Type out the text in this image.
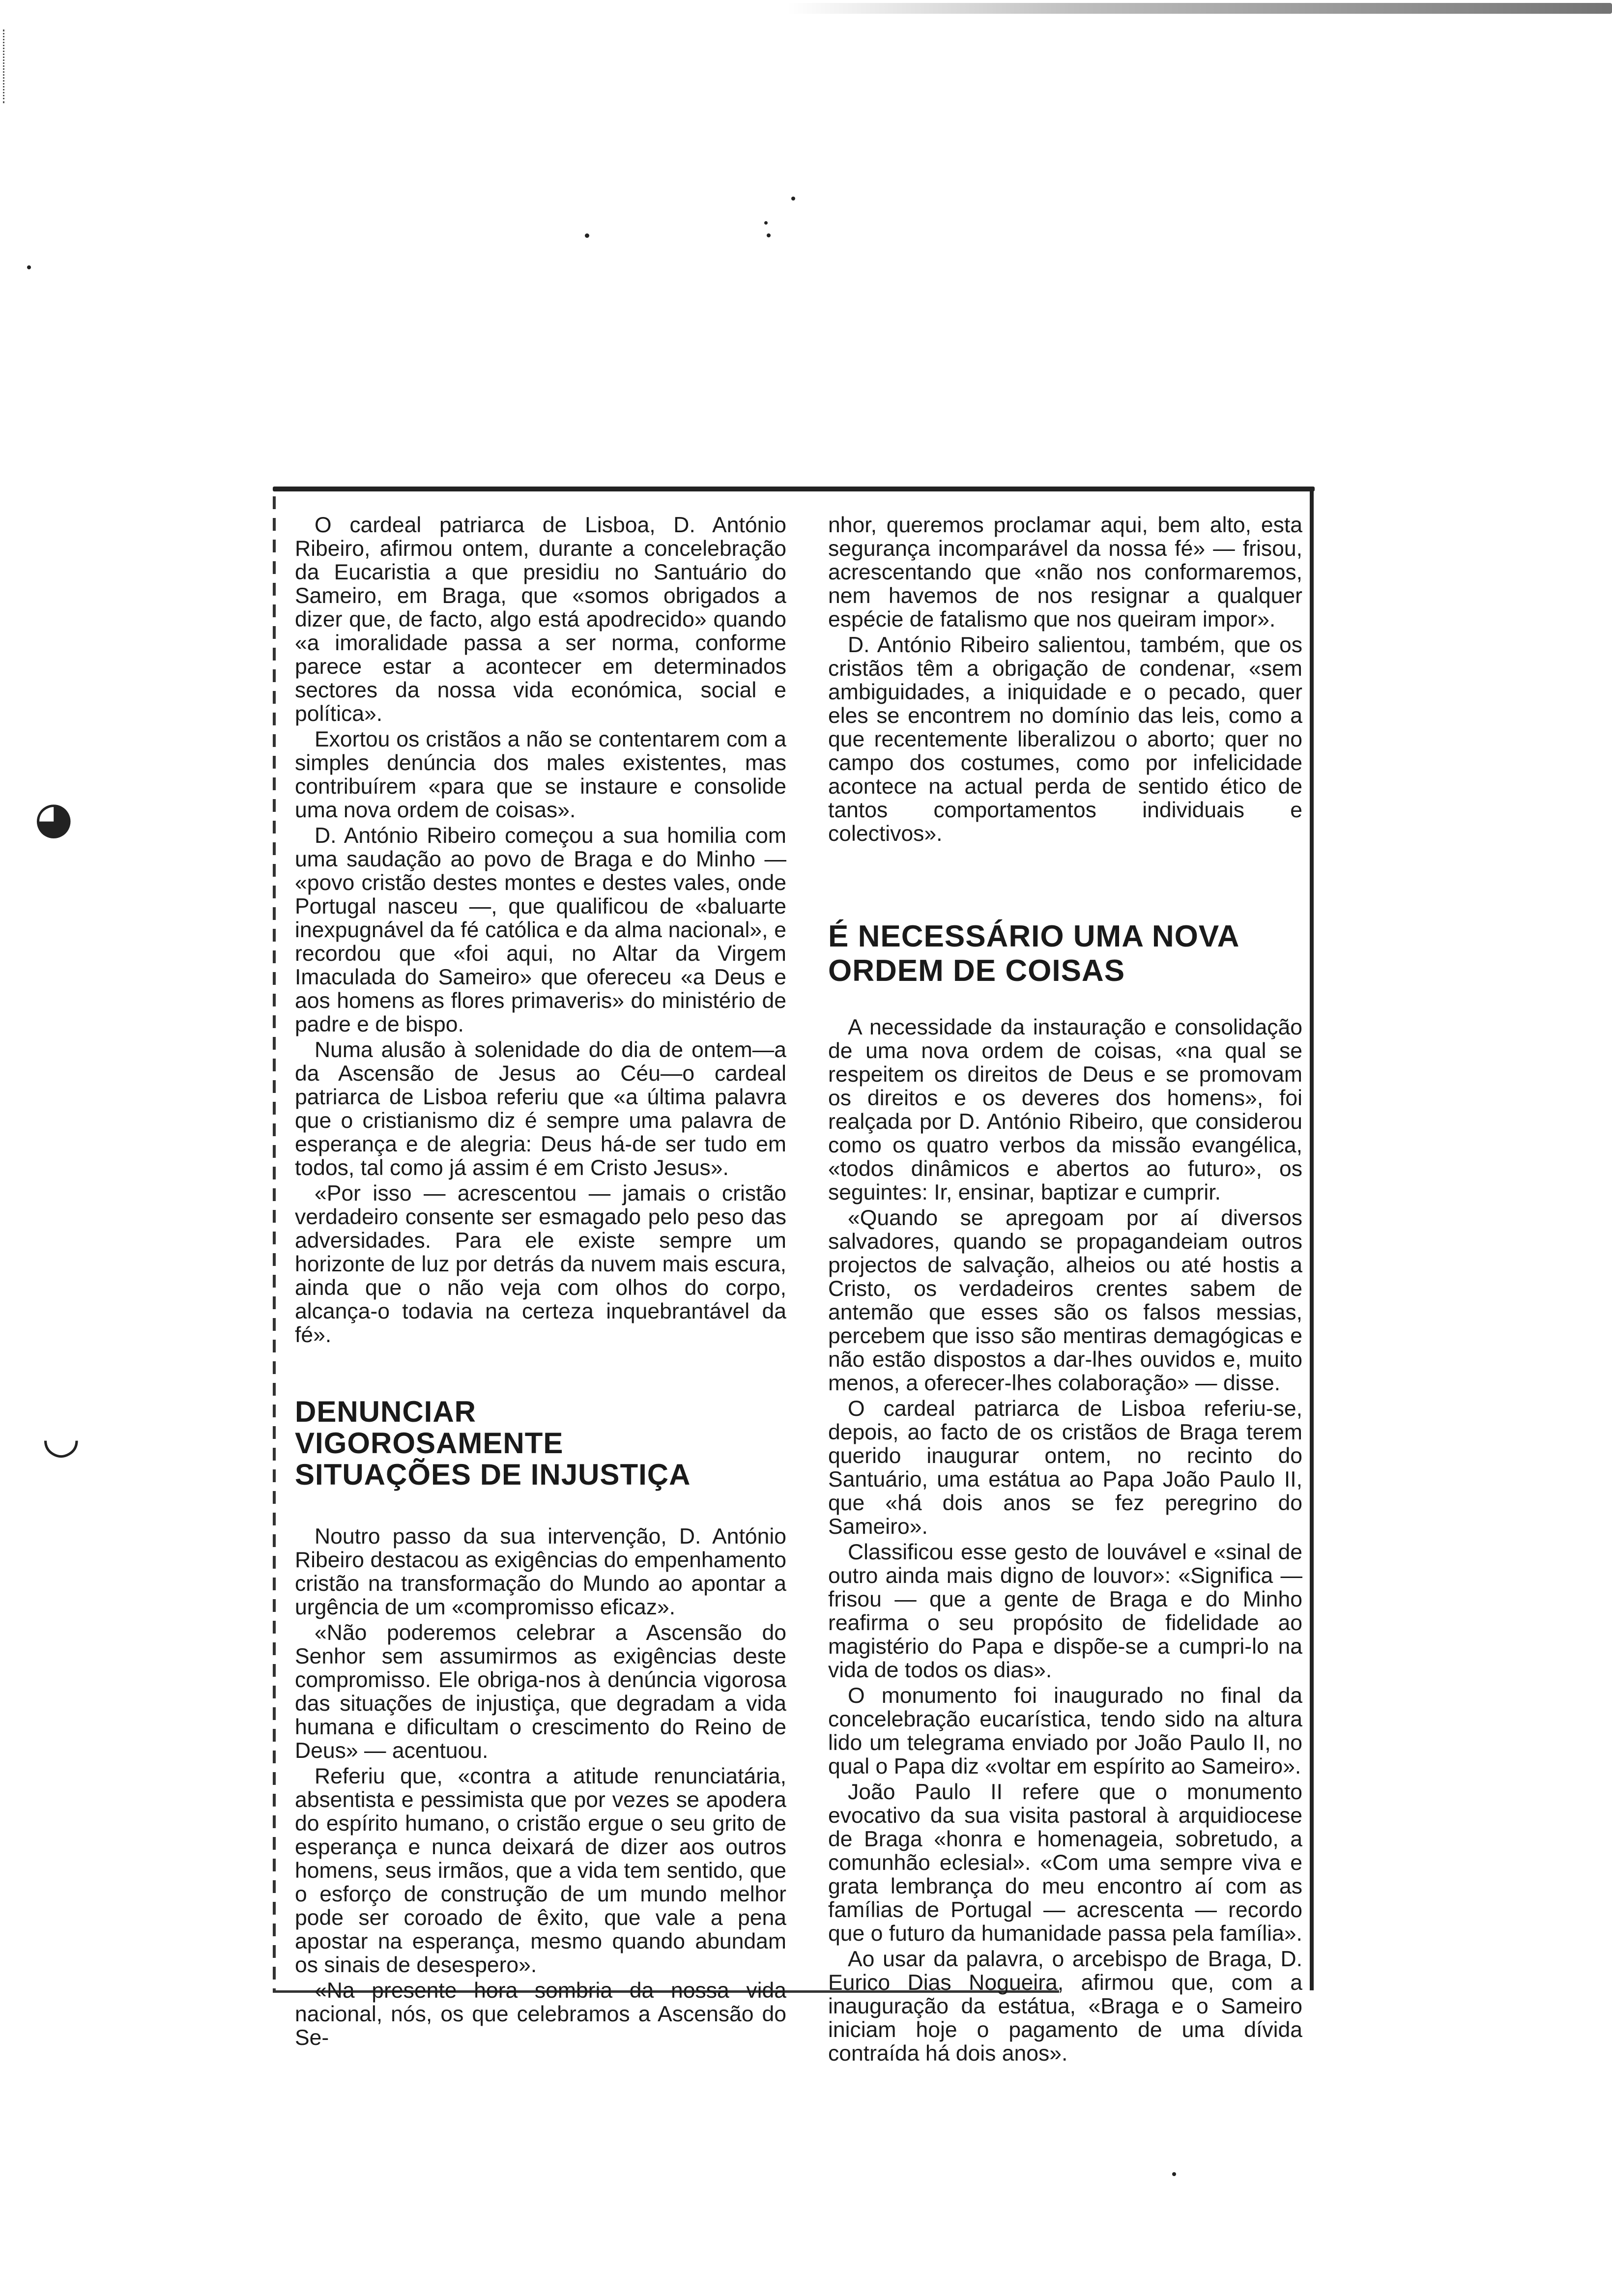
◕
◡

O cardeal patriarca de Lisboa, D. António Ribeiro, afirmou ontem, durante a concelebração da Eucaristia a que presidiu no Santuário do Sameiro, em Braga, que «somos obrigados a dizer que, de facto, algo está apodrecido» quando «a imoralidade passa a ser norma, conforme parece estar a acontecer em determinados sectores da nossa vida económica, social e política».

Exortou os cristãos a não se contentarem com a simples denúncia dos males existentes, mas contribuírem «para que se instaure e consolide uma nova ordem de coisas».

D. António Ribeiro começou a sua homilia com uma saudação ao povo de Braga e do Minho — «povo cristão destes montes e destes vales, onde Portugal nasceu —, que qualificou de «baluarte inexpugnável da fé católica e da alma nacional», e recordou que «foi aqui, no Altar da Virgem Imaculada do Sameiro» que ofereceu «a Deus e aos homens as flores primaveris» do ministério de padre e de bispo.

Numa alusão à solenidade do dia de ontem—a da Ascensão de Jesus ao Céu—o cardeal patriarca de Lisboa referiu que «a última palavra que o cristianismo diz é sempre uma palavra de esperança e de alegria: Deus há-de ser tudo em todos, tal como já assim é em Cristo Jesus».

«Por isso — acrescentou — jamais o cristão verdadeiro consente ser esmagado pelo peso das adversidades. Para ele existe sempre um horizonte de luz por detrás da nuvem mais escura, ainda que o não veja com olhos do corpo, alcança-o todavia na certeza inquebrantável da fé».

DENUNCIAR
VIGOROSAMENTE
SITUAÇÕES DE INJUSTIÇA

Noutro passo da sua intervenção, D. António Ribeiro destacou as exigências do empenhamento cristão na transformação do Mundo ao apontar a urgência de um «compromisso eficaz».

«Não poderemos celebrar a Ascensão do Senhor sem assumirmos as exigências deste compromisso. Ele obriga-nos à denúncia vigorosa das situações de injustiça, que degradam a vida humana e dificultam o crescimento do Reino de Deus» — acentuou.

Referiu que, «contra a atitude renunciatária, absentista e pessimista que por vezes se apodera do espírito humano, o cristão ergue o seu grito de esperança e nunca deixará de dizer aos outros homens, seus irmãos, que a vida tem sentido, que o esforço de construção de um mundo melhor pode ser coroado de êxito, que vale a pena apostar na esperança, mesmo quando abundam os sinais de desespero».

«Na presente hora sombria da nossa vida nacional, nós, os que celebramos a Ascensão do Se-

nhor, queremos proclamar aqui, bem alto, esta segurança incomparável da nossa fé» — frisou, acrescentando que «não nos conformaremos, nem havemos de nos resignar a qualquer espécie de fatalismo que nos queiram impor».

D. António Ribeiro salientou, também, que os cristãos têm a obrigação de condenar, «sem ambiguidades, a iniquidade e o pecado, quer eles se encontrem no domínio das leis, como a que recentemente liberalizou o aborto; quer no campo dos costumes, como por infelicidade acontece na actual perda de sentido ético de tantos comportamentos individuais e colectivos».

É NECESSÁRIO UMA NOVA ORDEM DE COISAS

A necessidade da instauração e consolidação de uma nova ordem de coisas, «na qual se respeitem os direitos de Deus e se promovam os direitos e os deveres dos homens», foi realçada por D. António Ribeiro, que considerou como os quatro verbos da missão evangélica, «todos dinâmicos e abertos ao futuro», os seguintes: Ir, ensinar, baptizar e cumprir.

«Quando se apregoam por aí diversos salvadores, quando se propagandeiam outros projectos de salvação, alheios ou até hostis a Cristo, os verdadeiros crentes sabem de antemão que esses são os falsos messias, percebem que isso são mentiras demagógicas e não estão dispostos a dar-lhes ouvidos e, muito menos, a oferecer-lhes colaboração» — disse.

O cardeal patriarca de Lisboa referiu-se, depois, ao facto de os cristãos de Braga terem querido inaugurar ontem, no recinto do Santuário, uma estátua ao Papa João Paulo II, que «há dois anos se fez peregrino do Sameiro».

Classificou esse gesto de louvável e «sinal de outro ainda mais digno de louvor»: «Significa — frisou — que a gente de Braga e do Minho reafirma o seu propósito de fidelidade ao magistério do Papa e dispõe-se a cumpri-lo na vida de todos os dias».

O monumento foi inaugurado no final da concelebração eucarística, tendo sido na altura lido um telegrama enviado por João Paulo II, no qual o Papa diz «voltar em espírito ao Sameiro».

João Paulo II refere que o monumento evocativo da sua visita pastoral à arquidiocese de Braga «honra e homenageia, sobretudo, a comunhão eclesial». «Com uma sempre viva e grata lembrança do meu encontro aí com as famílias de Portugal — acrescenta — recordo que o futuro da humanidade passa pela família».

Ao usar da palavra, o arcebispo de Braga, D. Eurico Dias Nogueira, afirmou que, com a inauguração da estátua, «Braga e o Sameiro iniciam hoje o pagamento de uma dívida contraída há dois anos».
